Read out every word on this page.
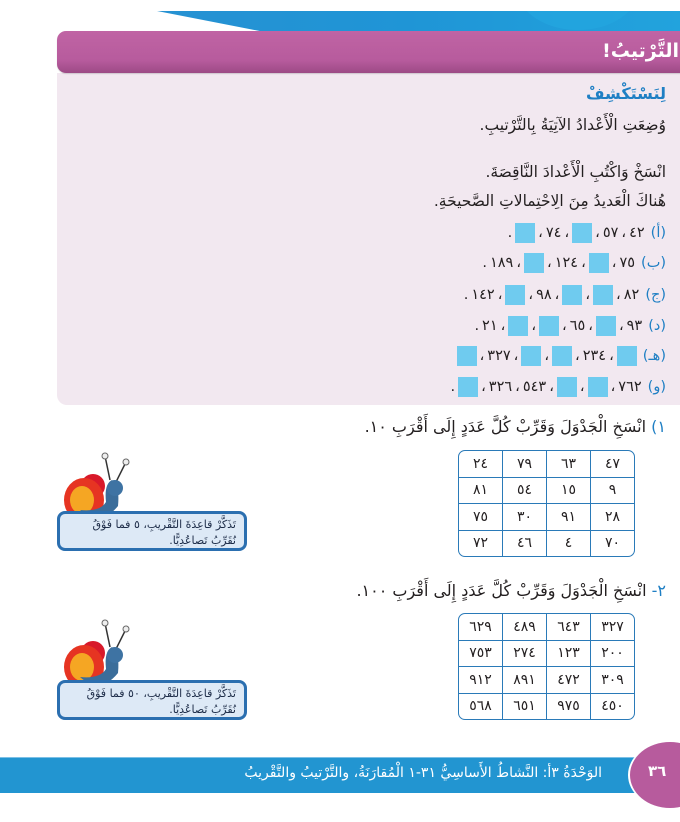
التَّرْتيبُ!
لِنَسْتَكْشِفْ
وُضِعَتِ الْأَعْدادُ الآتِيَةُ بِالتَّرْتيبِ.
انْسَخْ وَاكْتُبِ الْأَعْدادَ النَّاقِصَةَ.
هُناكَ الْعَديدُ مِنَ الِاحْتِمالاتِ الصَّحيحَةِ.
(أ)
٤٢
،
٥٧
،
،
٧٤
،
.
(ب)
٧٥
،
،
١٢٤
،
،
١٨٩
.
(ج)
٨٢
،
،
،
٩٨
،
،
١٤٢
.
(د)
٩٣
،
،
٦٥
،
،
،
٢١
.
(هـ)
،
٢٣٤
،
،
،
٣٢٧
،
(و)
٧٦٢
،
،
،
٥٤٣
،
٣٢٦
،
.
١) انْسَخِ الْجَدْوَلَ وَقَرِّبْ كُلَّ عَدَدٍ إِلَى أَقْرَبِ ١٠.
٤٧	٦٣	٧٩	٢٤
٩	١٥	٥٤	٨١
٢٨	٩١	٣٠	٧٥
٧٠	٤	٤٦	٧٢
تَذَكَّرْ قاعِدَةَ التَّقْريبِ، ٥ فما فَوْقُ نُقَرِّبُ تَصاعُدِيًّا.
٢- انْسَخِ الْجَدْوَلَ وَقَرِّبْ كُلَّ عَدَدٍ إِلَى أَقْرَبِ ١٠٠.
٣٢٧	٦٤٣	٤٨٩	٦٢٩
٢٠٠	١٢٣	٢٧٤	٧٥٣
٣٠٩	٤٧٢	٨٩١	٩١٢
٤٥٠	٩٧٥	٦٥١	٥٦٨
تَذَكَّرْ قاعِدَةَ التَّقْريبِ، ٥٠ فما فَوْقُ نُقَرِّبُ تَصاعُدِيًّا.
الوَحْدَةُ ٣أ: النَّشاطُ الأَساسِيُّ ٣١-١ الْمُقارَنَةُ، والتَّرْتيبُ والتَّقْريبُ	٣٦
